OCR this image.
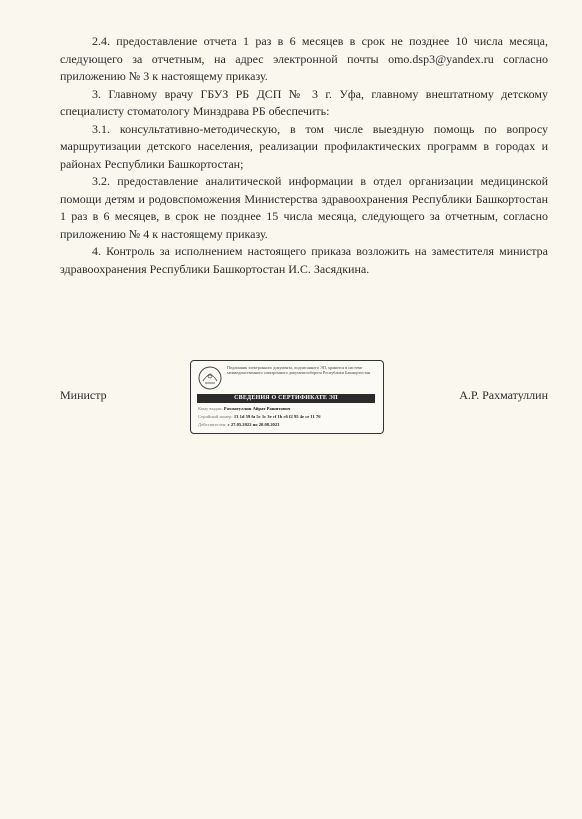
2.4. предоставление отчета 1 раз в 6 месяцев в срок не позднее 10 числа месяца, следующего за отчетным, на адрес электронной почты omo.dsp3@yandex.ru согласно приложению № 3 к настоящему приказу.

3. Главному врачу ГБУЗ РБ ДСП № 3 г. Уфа, главному внештатному детскому специалисту стоматологу Минздрава РБ обеспечить:

3.1. консультативно-методическую, в том числе выездную помощь по вопросу маршрутизации детского населения, реализации профилактических программ в городах и районах Республики Башкортостан;

3.2. предоставление аналитической информации в отдел организации медицинской помощи детям и родовспоможения Министерства здравоохранения Республики Башкортостан 1 раз в 6 месяцев, в срок не позднее 15 числа месяца, следующего за отчетным, согласно приложению № 4 к настоящему приказу.

4. Контроль за исполнением настоящего приказа возложить на заместителя министра здравоохранения Республики Башкортостан И.С. Засядкина.

Министр	А.Р. Рахматуллин
Подлинник электронного документа, подписанного ЭП, хранится в системе межведомственного электронного документооборота Республики Башкортостан
СВЕДЕНИЯ О СЕРТИФИКАТЕ ЭП
Кому выдан: Рахматуллин Айрат Рашитович
Серийный номер: 13 1d 59 fa 5c 1c 3e cf 1b c6 f2 95 4e ce 11 76
Действителен: с 27.05.2022 по 20.08.2023
